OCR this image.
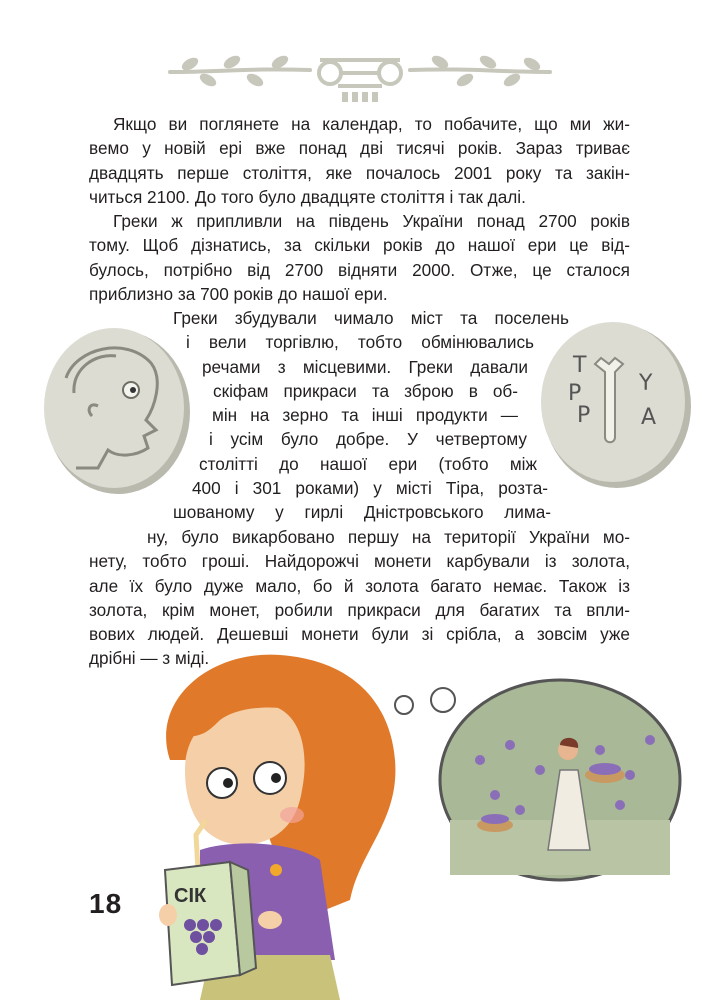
Якщо ви поглянете на календар, то побачите, що ми жи-
вемо у новій ері вже понад дві тисячі років. Зараз триває
двадцять перше століття, яке почалось 2001 року та закін-
читься 2100. До того було двадцяте століття і так далі.
Греки ж припливли на південь України понад 2700 років
тому. Щоб дізнатись, за скільки років до нашої ери це від-
булось, потрібно від 2700 відняти 2000. Отже, це сталося
приблизно за 700 років до нашої ери.
Греки збудували чимало міст та поселень
і вели торгівлю, тобто обмінювались
речами з місцевими. Греки давали
скіфам прикраси та зброю в об-
мін на зерно та інші продукти —
і усім було добре. У четвертому
столітті до нашої ери (тобто між
400 і 301 роками) у місті Тіра, розта-
шованому у гирлі Дністровського лима-
ну, було викарбовано першу на території України мо-
нету, тобто гроші. Найдорожчі монети карбували із золота,
але їх було дуже мало, бо й золота багато немає. Також із
золота, крім монет, робили прикраси для багатих та впли-
вових людей. Дешевші монети були зі срібла, а зовсім уже
дрібні — з міді.
Т
Р	Υ
Р А
СІК
18
